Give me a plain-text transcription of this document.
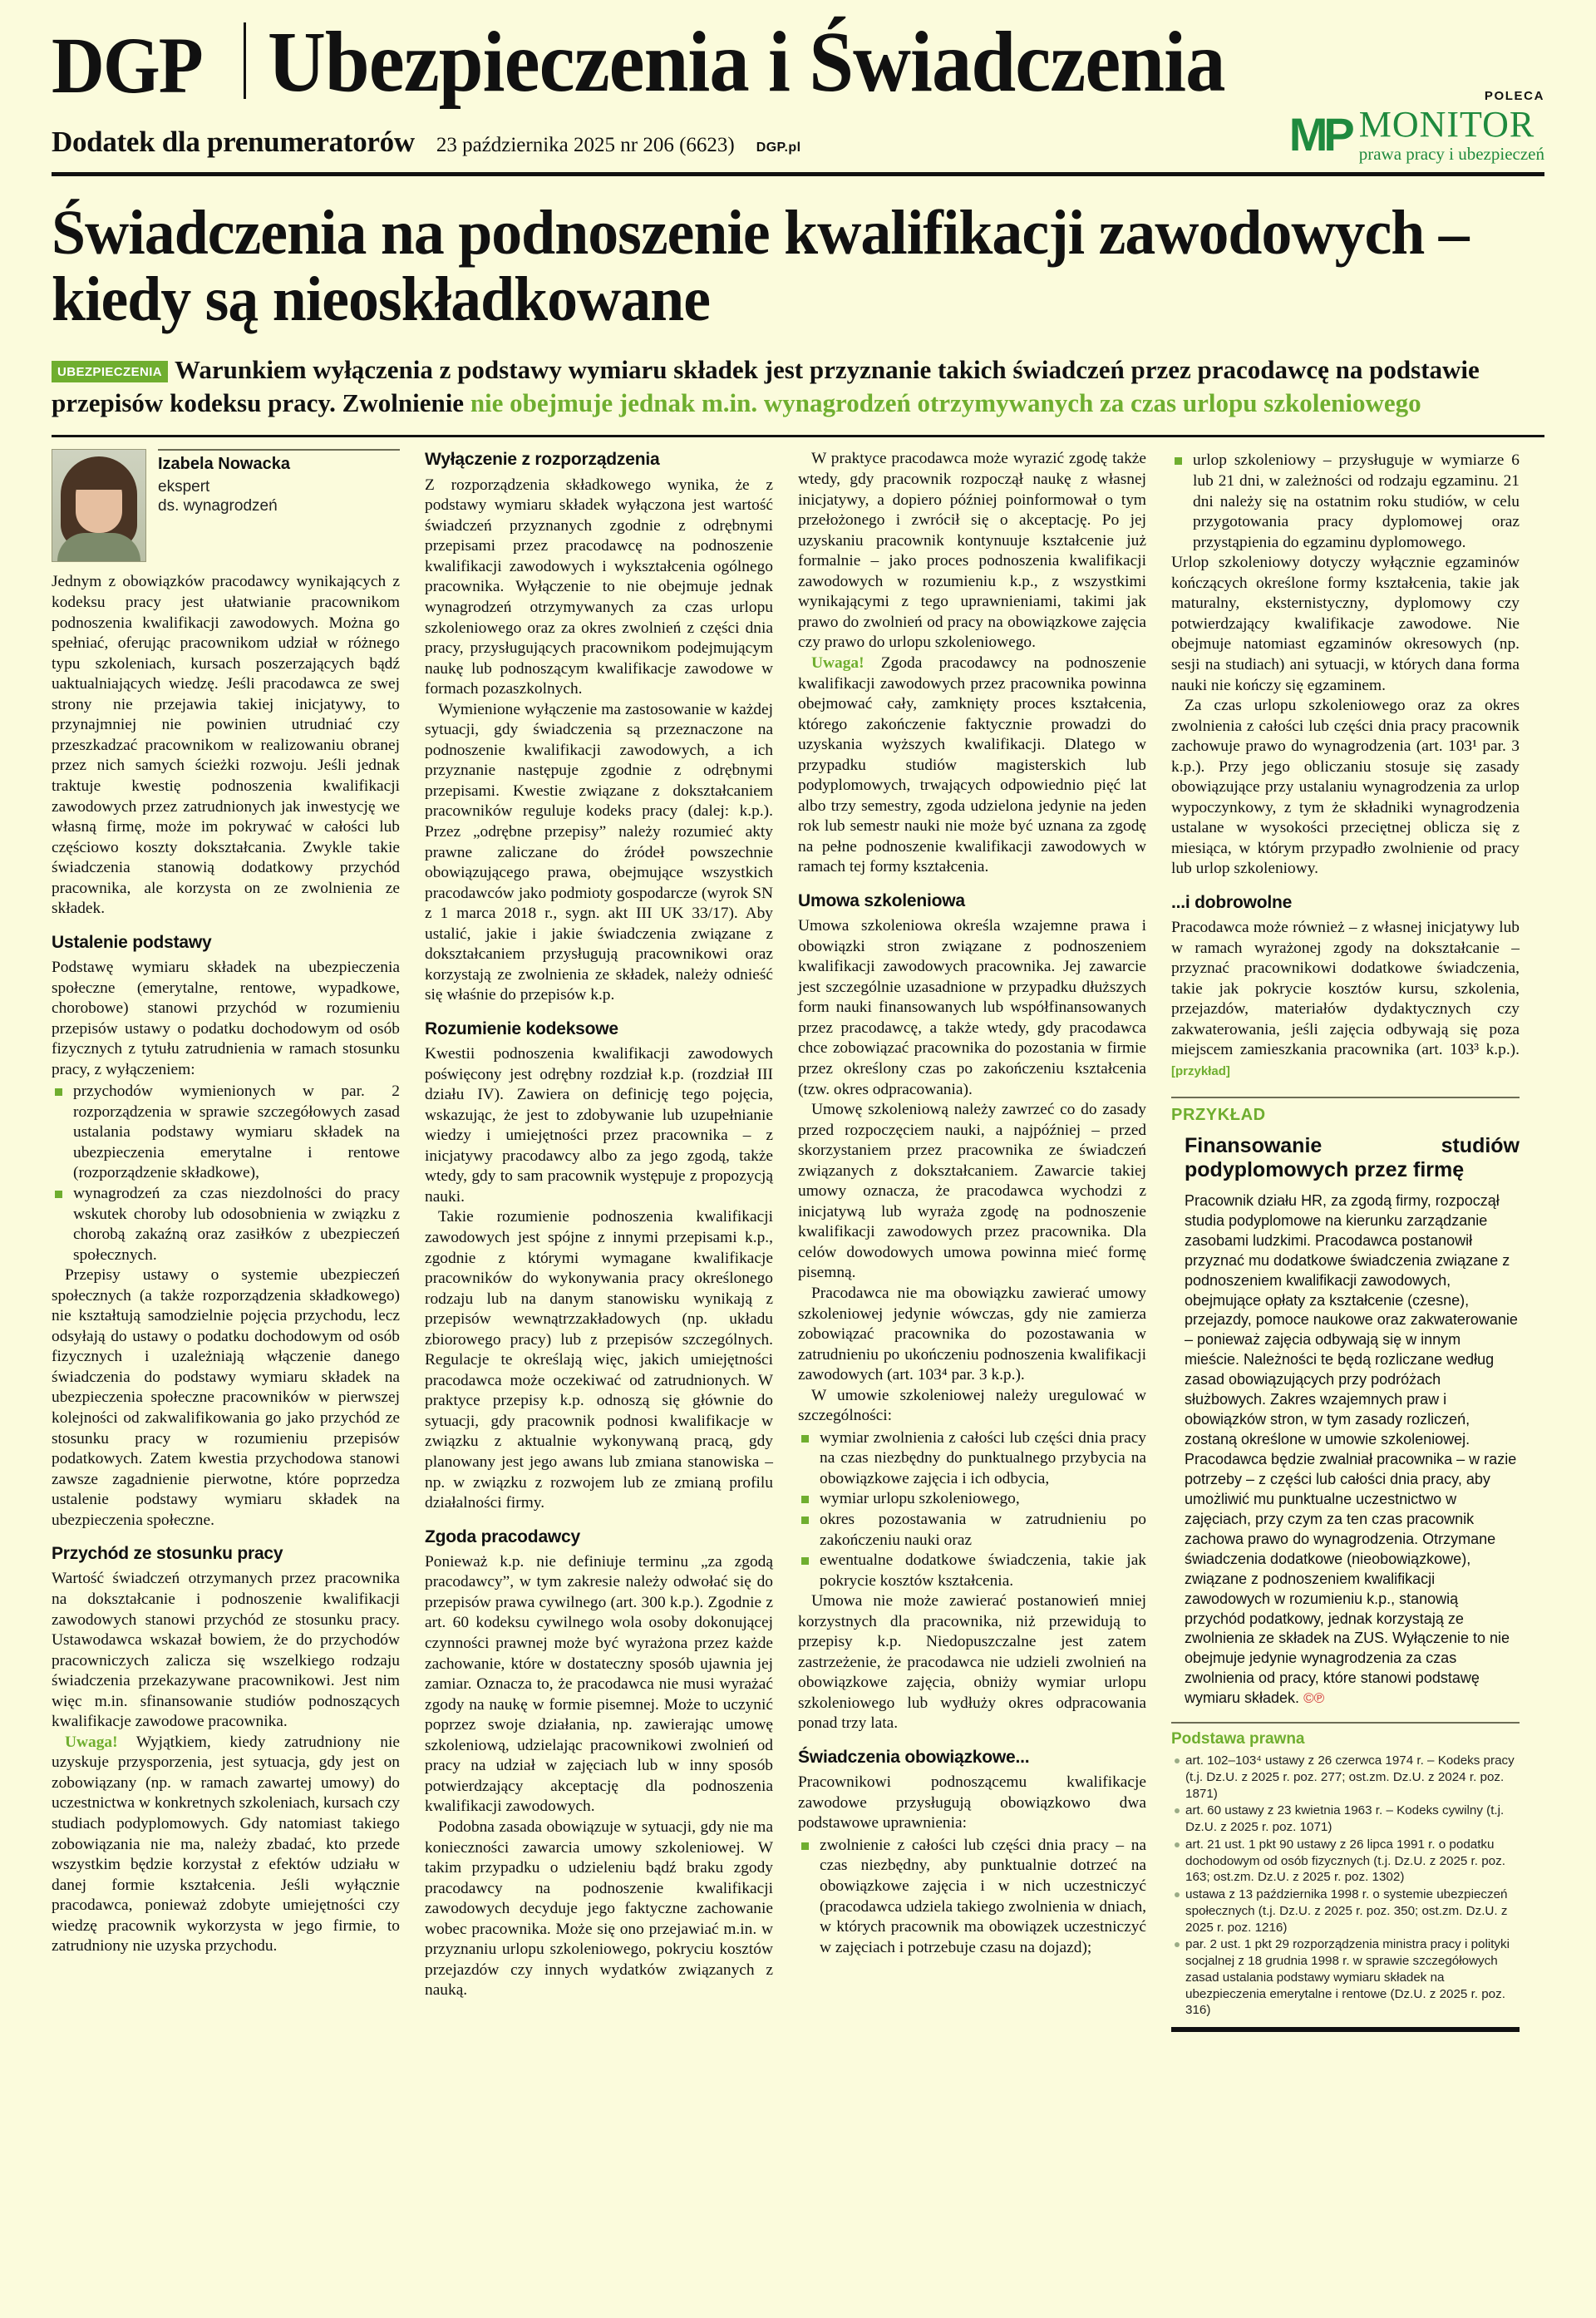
DGP Ubezpieczenia i Świadczenia
Dodatek dla prenumeratorów 23 października 2025 nr 206 (6623) DGP.pl
POLECA
MP MONITOR
prawa pracy i ubezpieczeń
Świadczenia na podnoszenie kwalifikacji zawodowych – kiedy są nieoskładkowane
UBEZPIECZENIA Warunkiem wyłączenia z podstawy wymiaru składek jest przyznanie takich świadczeń przez pracodawcę na podstawie przepisów kodeksu pracy. Zwolnienie nie obejmuje jednak m.in. wynagrodzeń otrzymywanych za czas urlopu szkoleniowego
Izabela Nowacka
ekspert
ds. wynagrodzeń

Jednym z obowiązków pracodawcy wynikających z kodeksu pracy jest ułatwianie pracownikom podnoszenia kwalifikacji zawodowych. Można go spełniać, oferując pracownikom udział w różnego typu szkoleniach, kursach poszerzających bądź uaktualniających wiedzę. Jeśli pracodawca ze swej strony nie przejawia takiej inicjatywy, to przynajmniej nie powinien utrudniać czy przeszkadzać pracownikom w realizowaniu obranej przez nich samych ścieżki rozwoju. Jeśli jednak traktuje kwestię podnoszenia kwalifikacji zawodowych przez zatrudnionych jak inwestycję we własną firmę, może im pokrywać w całości lub częściowo koszty dokształcania. Zwykle takie świadczenia stanowią dodatkowy przychód pracownika, ale korzysta on ze zwolnienia ze składek.

Ustalenie podstawy

Podstawę wymiaru składek na ubezpieczenia społeczne (emerytalne, rentowe, wypadkowe, chorobowe) stanowi przychód w rozumieniu przepisów ustawy o podatku dochodowym od osób fizycznych z tytułu zatrudnienia w ramach stosunku pracy, z wyłączeniem:

przychodów wymienionych w par. 2 rozporządzenia w sprawie szczegółowych zasad ustalania podstawy wymiaru składek na ubezpieczenia emerytalne i rentowe (rozporządzenie składkowe),
wynagrodzeń za czas niezdolności do pracy wskutek choroby lub odosobnienia w związku z chorobą zakaźną oraz zasiłków z ubezpieczeń społecznych.

Przepisy ustawy o systemie ubezpieczeń społecznych (a także rozporządzenia składkowego) nie kształtują samodzielnie pojęcia przychodu, lecz odsyłają do ustawy o podatku dochodowym od osób fizycznych i uzależniają włączenie danego świadczenia do podstawy wymiaru składek na ubezpieczenia społeczne pracowników w pierwszej kolejności od zakwalifikowania go jako przychód ze stosunku pracy w rozumieniu przepisów podatkowych. Zatem kwestia przychodowa stanowi zawsze zagadnienie pierwotne, które poprzedza ustalenie podstawy wymiaru składek na ubezpieczenia społeczne.

Przychód ze stosunku pracy

Wartość świadczeń otrzymanych przez pracownika na dokształcanie i podnoszenie kwalifikacji zawodowych stanowi przychód ze stosunku pracy. Ustawodawca wskazał bowiem, że do przychodów pracowniczych zalicza się wszelkiego rodzaju świadczenia przekazywane pracownikowi. Jest nim więc m.in. sfinansowanie studiów podnoszących kwalifikacje zawodowe pracownika.

Uwaga! Wyjątkiem, kiedy zatrudniony nie uzyskuje przysporzenia, jest sytuacja, gdy jest on zobowiązany (np. w ramach zawartej umowy) do uczestnictwa w konkretnych szkoleniach, kursach czy studiach podyplomowych. Gdy natomiast takiego zobowiązania nie ma, należy zbadać, kto przede wszystkim będzie korzystał z efektów udziału w danej formie kształcenia. Jeśli wyłącznie pracodawca, ponieważ zdobyte umiejętności czy wiedzę pracownik wykorzysta w jego firmie, to zatrudniony nie uzyska przychodu.

Wyłączenie z rozporządzenia

Z rozporządzenia składkowego wynika, że z podstawy wymiaru składek wyłączona jest wartość świadczeń przyznanych zgodnie z odrębnymi przepisami przez pracodawcę na podnoszenie kwalifikacji zawodowych i wykształcenia ogólnego pracownika. Wyłączenie to nie obejmuje jednak wynagrodzeń otrzymywanych za czas urlopu szkoleniowego oraz za okres zwolnień z części dnia pracy, przysługujących pracownikom podejmującym naukę lub podnoszącym kwalifikacje zawodowe w formach pozaszkolnych.

Wymienione wyłączenie ma zastosowanie w każdej sytuacji, gdy świadczenia są przeznaczone na podnoszenie kwalifikacji zawodowych, a ich przyznanie następuje zgodnie z odrębnymi przepisami. Kwestie związane z dokształcaniem pracowników reguluje kodeks pracy (dalej: k.p.). Przez „odrębne przepisy” należy rozumieć akty prawne zaliczane do źródeł powszechnie obowiązującego prawa, obejmujące wszystkich pracodawców jako podmioty gospodarcze (wyrok SN z 1 marca 2018 r., sygn. akt III UK 33/17). Aby ustalić, jakie i jakie świadczenia związane z dokształcaniem przysługują pracownikowi oraz korzystają ze zwolnienia ze składek, należy odnieść się właśnie do przepisów k.p.

Rozumienie kodeksowe

Kwestii podnoszenia kwalifikacji zawodowych poświęcony jest odrębny rozdział k.p. (rozdział III działu IV). Zawiera on definicję tego pojęcia, wskazując, że jest to zdobywanie lub uzupełnianie wiedzy i umiejętności przez pracownika – z inicjatywy pracodawcy albo za jego zgodą, także wtedy, gdy to sam pracownik występuje z propozycją nauki.

Takie rozumienie podnoszenia kwalifikacji zawodowych jest spójne z innymi przepisami k.p., zgodnie z którymi wymagane kwalifikacje pracowników do wykonywania pracy określonego rodzaju lub na danym stanowisku wynikają z przepisów wewnątrzzakładowych (np. układu zbiorowego pracy) lub z przepisów szczególnych. Regulacje te określają więc, jakich umiejętności pracodawca może oczekiwać od zatrudnionych. W praktyce przepisy k.p. odnoszą się głównie do sytuacji, gdy pracownik podnosi kwalifikacje w związku z aktualnie wykonywaną pracą, gdy planowany jest jego awans lub zmiana stanowiska – np. w związku z rozwojem lub ze zmianą profilu działalności firmy.

Zgoda pracodawcy

Ponieważ k.p. nie definiuje terminu „za zgodą pracodawcy”, w tym zakresie należy odwołać się do przepisów prawa cywilnego (art. 300 k.p.). Zgodnie z art. 60 kodeksu cywilnego wola osoby dokonującej czynności prawnej może być wyrażona przez każde zachowanie, które w dostateczny sposób ujawnia jej zamiar. Oznacza to, że pracodawca nie musi wyrażać zgody na naukę w formie pisemnej. Może to uczynić poprzez swoje działania, np. zawierając umowę szkoleniową, udzielając pracownikowi zwolnień od pracy na udział w zajęciach lub w inny sposób potwierdzający akceptację dla podnoszenia kwalifikacji zawodowych.

Podobna zasada obowiązuje w sytuacji, gdy nie ma konieczności zawarcia umowy szkoleniowej. W takim przypadku o udzieleniu bądź braku zgody pracodawcy na podnoszenie kwalifikacji zawodowych decyduje jego faktyczne zachowanie wobec pracownika. Może się ono przejawiać m.in. w przyznaniu urlopu szkoleniowego, pokryciu kosztów przejazdów czy innych wydatków związanych z nauką.

W praktyce pracodawca może wyrazić zgodę także wtedy, gdy pracownik rozpoczął naukę z własnej inicjatywy, a dopiero później poinformował o tym przełożonego i zwrócił się o akceptację. Po jej uzyskaniu pracownik kontynuuje kształcenie już formalnie – jako proces podnoszenia kwalifikacji zawodowych w rozumieniu k.p., z wszystkimi wynikającymi z tego uprawnieniami, takimi jak prawo do zwolnień od pracy na obowiązkowe zajęcia czy prawo do urlopu szkoleniowego.

Uwaga! Zgoda pracodawcy na podnoszenie kwalifikacji zawodowych przez pracownika powinna obejmować cały, zamknięty proces kształcenia, którego zakończenie faktycznie prowadzi do uzyskania wyższych kwalifikacji. Dlatego w przypadku studiów magisterskich lub podyplomowych, trwających odpowiednio pięć lat albo trzy semestry, zgoda udzielona jedynie na jeden rok lub semestr nauki nie może być uznana za zgodę na pełne podnoszenie kwalifikacji zawodowych w ramach tej formy kształcenia.

Umowa szkoleniowa

Umowa szkoleniowa określa wzajemne prawa i obowiązki stron związane z podnoszeniem kwalifikacji zawodowych pracownika. Jej zawarcie jest szczególnie uzasadnione w przypadku dłuższych form nauki finansowanych lub współfinansowanych przez pracodawcę, a także wtedy, gdy pracodawca chce zobowiązać pracownika do pozostania w firmie przez określony czas po zakończeniu kształcenia (tzw. okres odpracowania).

Umowę szkoleniową należy zawrzeć co do zasady przed rozpoczęciem nauki, a najpóźniej – przed skorzystaniem przez pracownika ze świadczeń związanych z dokształcaniem. Zawarcie takiej umowy oznacza, że pracodawca wychodzi z inicjatywą lub wyraża zgodę na podnoszenie kwalifikacji zawodowych przez pracownika. Dla celów dowodowych umowa powinna mieć formę pisemną.

Pracodawca nie ma obowiązku zawierać umowy szkoleniowej jedynie wówczas, gdy nie zamierza zobowiązać pracownika do pozostawania w zatrudnieniu po ukończeniu podnoszenia kwalifikacji zawodowych (art. 103⁴ par. 3 k.p.).

W umowie szkoleniowej należy uregulować w szczególności:

wymiar zwolnienia z całości lub części dnia pracy na czas niezbędny do punktualnego przybycia na obowiązkowe zajęcia i ich odbycia,
wymiar urlopu szkoleniowego,
okres pozostawania w zatrudnieniu po zakończeniu nauki oraz
ewentualne dodatkowe świadczenia, takie jak pokrycie kosztów kształcenia.

Umowa nie może zawierać postanowień mniej korzystnych dla pracownika, niż przewidują to przepisy k.p. Niedopuszczalne jest zatem zastrzeżenie, że pracodawca nie udzieli zwolnień na obowiązkowe zajęcia, obniży wymiar urlopu szkoleniowego lub wydłuży okres odpracowania ponad trzy lata.

Świadczenia obowiązkowe...

Pracownikowi podnoszącemu kwalifikacje zawodowe przysługują obowiązkowo dwa podstawowe uprawnienia:

zwolnienie z całości lub części dnia pracy – na czas niezbędny, aby punktualnie dotrzeć na obowiązkowe zajęcia i w nich uczestniczyć (pracodawca udziela takiego zwolnienia w dniach, w których pracownik ma obowiązek uczestniczyć w zajęciach i potrzebuje czasu na dojazd);
urlop szkoleniowy – przysługuje w wymiarze 6 lub 21 dni, w zależności od rodzaju egzaminu. 21 dni należy się na ostatnim roku studiów, w celu przygotowania pracy dyplomowej oraz przystąpienia do egzaminu dyplomowego.

Urlop szkoleniowy dotyczy wyłącznie egzaminów kończących określone formy kształcenia, takie jak maturalny, eksternistyczny, dyplomowy czy potwierdzający kwalifikacje zawodowe. Nie obejmuje natomiast egzaminów okresowych (np. sesji na studiach) ani sytuacji, w których dana forma nauki nie kończy się egzaminem.

Za czas urlopu szkoleniowego oraz za okres zwolnienia z całości lub części dnia pracy pracownik zachowuje prawo do wynagrodzenia (art. 103¹ par. 3 k.p.). Przy jego obliczaniu stosuje się zasady obowiązujące przy ustalaniu wynagrodzenia za urlop wypoczynkowy, z tym że składniki wynagrodzenia ustalane w wysokości przeciętnej oblicza się z miesiąca, w którym przypadło zwolnienie od pracy lub urlop szkoleniowy.

...i dobrowolne

Pracodawca może również – z własnej inicjatywy lub w ramach wyrażonej zgody na dokształcanie – przyznać pracownikowi dodatkowe świadczenia, takie jak pokrycie kosztów kursu, szkolenia, przejazdów, materiałów dydaktycznych czy zakwaterowania, jeśli zajęcia odbywają się poza miejscem zamieszkania pracownika (art. 103³ k.p.). [przykład]

PRZYKŁAD
Finansowanie studiów podyplomowych przez firmę
Pracownik działu HR, za zgodą firmy, rozpoczął studia podyplomowe na kierunku zarządzanie zasobami ludzkimi. Pracodawca postanowił przyznać mu dodatkowe świadczenia związane z podnoszeniem kwalifikacji zawodowych, obejmujące opłaty za kształcenie (czesne), przejazdy, pomoce naukowe oraz zakwaterowanie – ponieważ zajęcia odbywają się w innym mieście. Należności te będą rozliczane według zasad obowiązujących przy podróżach służbowych. Zakres wzajemnych praw i obowiązków stron, w tym zasady rozliczeń, zostaną określone w umowie szkoleniowej. Pracodawca będzie zwalniał pracownika – w razie potrzeby – z części lub całości dnia pracy, aby umożliwić mu punktualne uczestnictwo w zajęciach, przy czym za ten czas pracownik zachowa prawo do wynagrodzenia. Otrzymane świadczenia dodatkowe (nieobowiązkowe), związane z podnoszeniem kwalifikacji zawodowych w rozumieniu k.p., stanowią przychód podatkowy, jednak korzystają ze zwolnienia ze składek na ZUS. Wyłączenie to nie obejmuje jedynie wynagrodzenia za czas zwolnienia od pracy, które stanowi podstawę wymiaru składek. ©℗
Podstawa prawna
art. 102–103⁴ ustawy z 26 czerwca 1974 r. – Kodeks pracy (t.j. Dz.U. z 2025 r. poz. 277; ost.zm. Dz.U. z 2024 r. poz. 1871)
art. 60 ustawy z 23 kwietnia 1963 r. – Kodeks cywilny (t.j. Dz.U. z 2025 r. poz. 1071)
art. 21 ust. 1 pkt 90 ustawy z 26 lipca 1991 r. o podatku dochodowym od osób fizycznych (t.j. Dz.U. z 2025 r. poz. 163; ost.zm. Dz.U. z 2025 r. poz. 1302)
ustawa z 13 października 1998 r. o systemie ubezpieczeń społecznych (t.j. Dz.U. z 2025 r. poz. 350; ost.zm. Dz.U. z 2025 r. poz. 1216)
par. 2 ust. 1 pkt 29 rozporządzenia ministra pracy i polityki socjalnej z 18 grudnia 1998 r. w sprawie szczegółowych zasad ustalania podstawy wymiaru składek na ubezpieczenia emerytalne i rentowe (Dz.U. z 2025 r. poz. 316)
